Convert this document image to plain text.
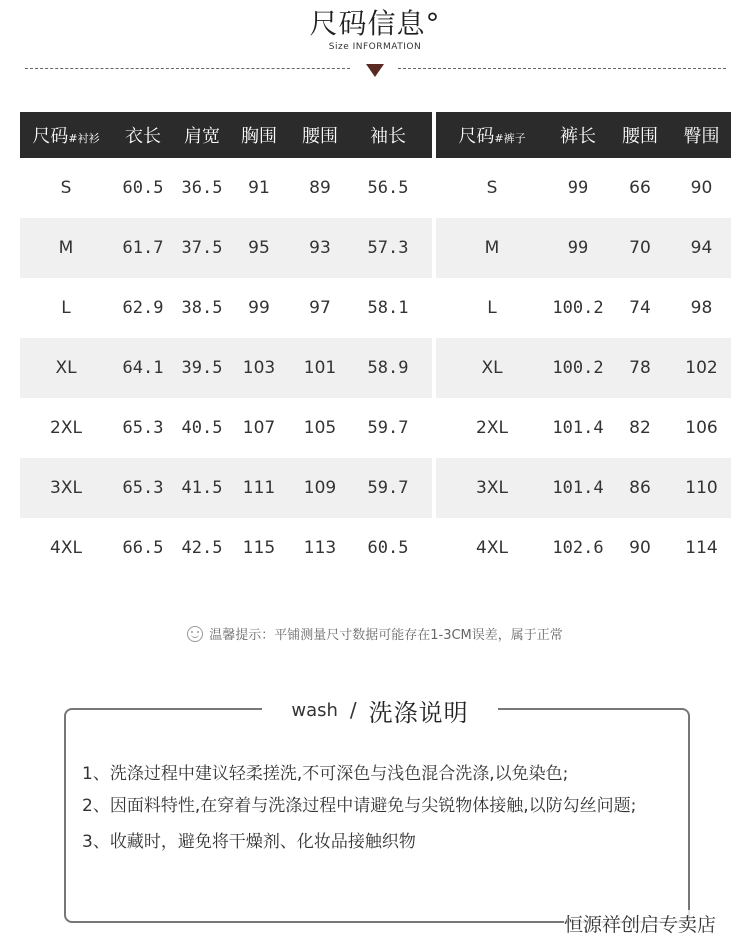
尺码信息°
Size INFORMATION
尺码#衬衫	衣长	肩宽	胸围	腰围	袖长
S	60.5	36.5	91	89	56.5
M	61.7	37.5	95	93	57.3
L	62.9	38.5	99	97	58.1
XL	64.1	39.5	103	101	58.9
2XL	65.3	40.5	107	105	59.7
3XL	65.3	41.5	111	109	59.7
4XL	66.5	42.5	115	113	60.5
尺码#裤子	裤长	腰围	臀围
S	99	66	90
M	99	70	94
L	100.2	74	98
XL	100.2	78	102
2XL	101.4	82	106
3XL	101.4	86	110
4XL	102.6	90	114
温馨提示：平铺测量尺寸数据可能存在1-3CM误差，属于正常
wash / 洗涤说明
1、 洗涤过程中建议轻柔搓洗,不可深色与浅色混合洗涤,以免染色;
2、 因面料特性,在穿着与洗涤过程中请避免与尖锐物体接触,以防勾丝问题;
3、 收藏时，避免将干燥剂、化妆品接触织物
恒源祥创启专卖店
